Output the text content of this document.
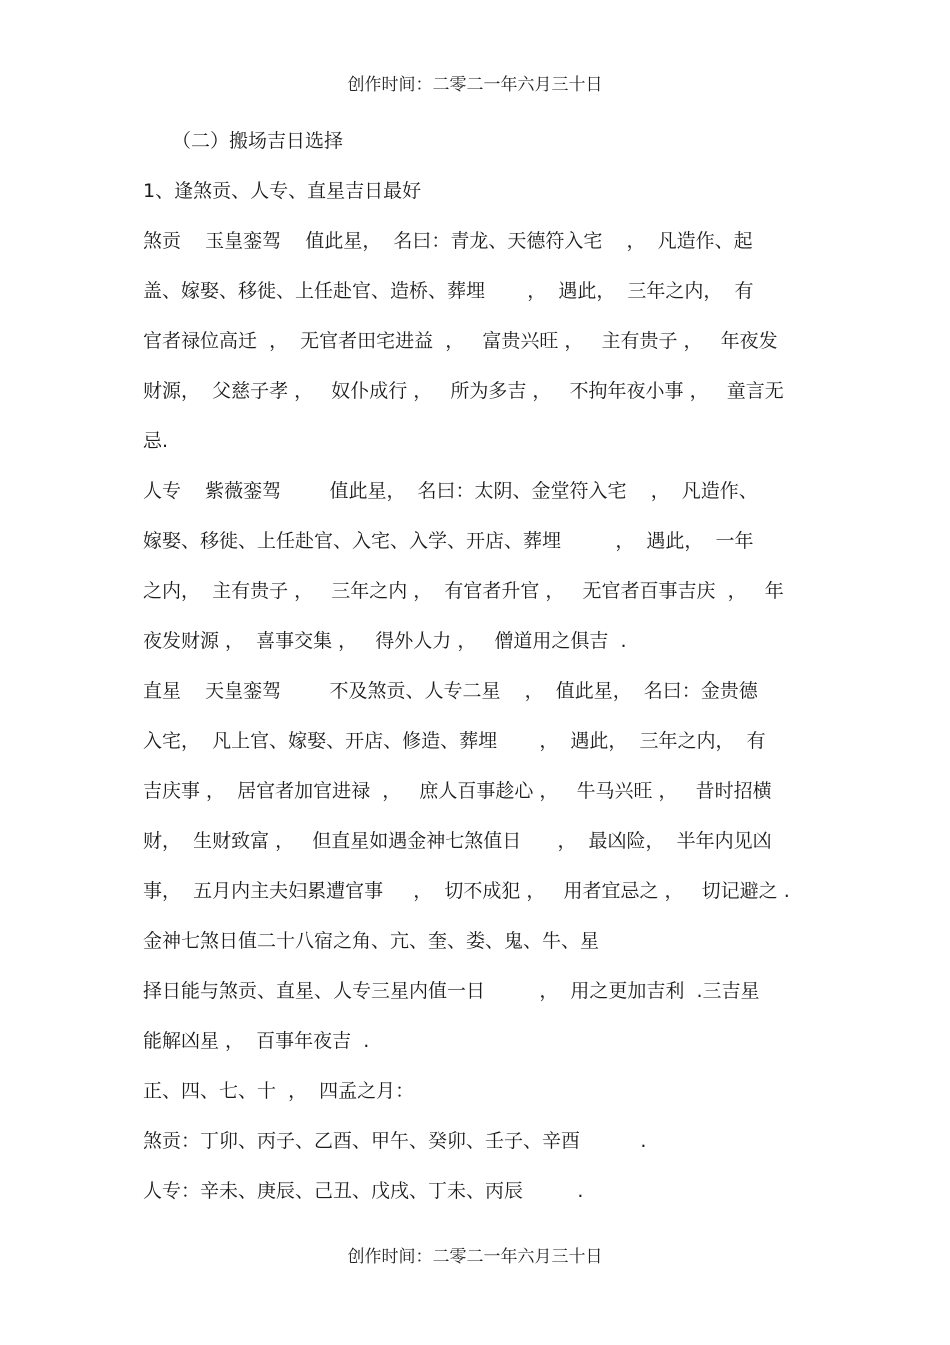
创作时间：二零二一年六月三十日
（二）搬场吉日选择
1、逢煞贡、人专、直星吉日最好
煞贡    玉皇銮驾    值此星，  名曰：青龙、天德符入宅    ，  凡造作、起
盖、嫁娶、移徙、上任赴官、造桥、葬埋       ，  遇此，  三年之内，  有
官者禄位高迁  ，  无官者田宅进益  ，   富贵兴旺 ，   主有贵子 ，   年夜发
财源，  父慈子孝 ，   奴仆成行 ，   所为多吉 ，   不拘年夜小事 ，   童言无
忌.
人专    紫薇銮驾        值此星，  名曰：太阴、金堂符入宅    ，  凡造作、
嫁娶、移徙、上任赴官、入宅、入学、开店、葬埋         ，  遇此，  一年
之内，  主有贵子 ，   三年之内 ，  有官者升官 ，   无官者百事吉庆  ，   年
夜发财源 ，  喜事交集 ，   得外人力 ，   僧道用之俱吉  .
直星    天皇銮驾        不及煞贡、人专二星    ，  值此星，  名曰：金贵德
入宅，  凡上官、嫁娶、开店、修造、葬埋       ，  遇此，  三年之内，  有
吉庆事 ，  居官者加官进禄  ，   庶人百事趁心 ，   牛马兴旺 ，   昔时招横
财，  生财致富 ，   但直星如遇金神七煞值日      ，  最凶险，  半年内见凶
事，  五月内主夫妇累遭官事     ，  切不成犯 ，   用者宜忌之 ，   切记避之 .
金神七煞日值二十八宿之角、亢、奎、娄、鬼、牛、星
择日能与煞贡、直星、人专三星内值一日         ，  用之更加吉利  .三吉星
能解凶星 ，  百事年夜吉  .
正、四、七、十  ，  四孟之月：
煞贡：丁卯、丙子、乙酉、甲午、癸卯、壬子、辛酉          .
人专：辛未、庚辰、己丑、戊戌、丁未、丙辰         .
创作时间：二零二一年六月三十日
